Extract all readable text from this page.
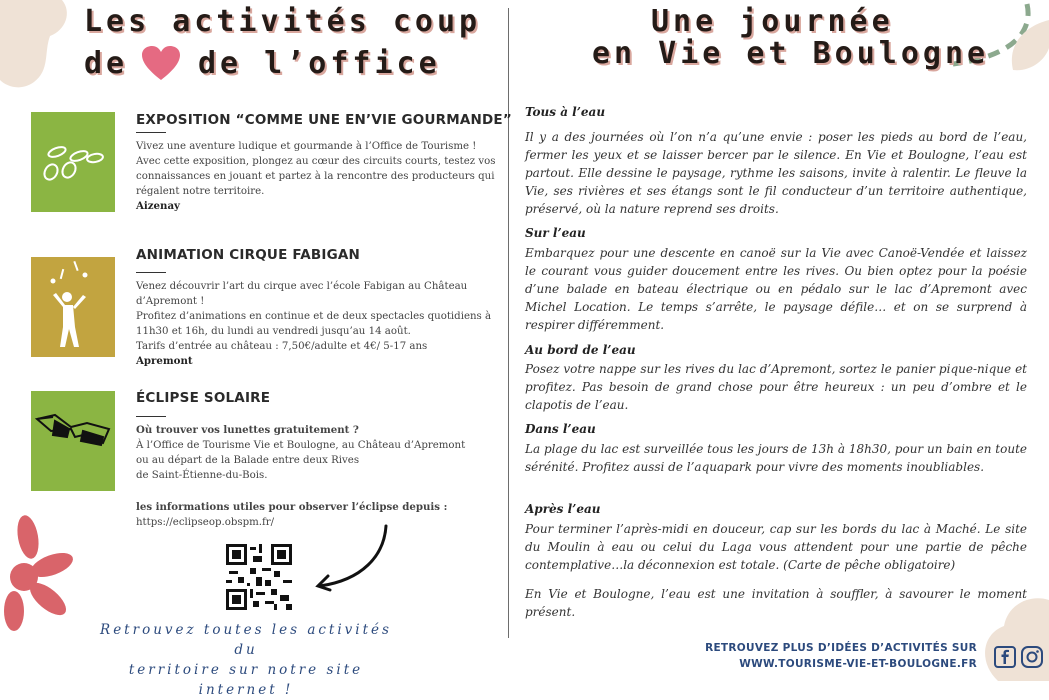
Les activités coup
de de l’office
EXPOSITION “COMME UNE EN’VIE GOURMANDE”
Vivez une aventure ludique et gourmande à l’Office de Tourisme ! Avec cette exposition, plongez au cœur des circuits courts, testez vos connaissances en jouant et partez à la rencontre des producteurs qui régalent notre territoire.
Aizenay
ANIMATION CIRQUE FABIGAN
Venez découvrir l’art du cirque avec l’école Fabigan au Château d’Apremont !
Profitez d’animations en continue et de deux spectacles quotidiens à 11h30 et 16h, du lundi au vendredi jusqu’au 14 août.
Tarifs d’entrée au château : 7,50€/adulte et 4€/ 5-17 ans
Apremont
ÉCLIPSE SOLAIRE
Où trouver vos lunettes gratuitement ?
À l’Office de Tourisme Vie et Boulogne, au Château d’Apremont
ou au départ de la Balade entre deux Rives
de Saint-Étienne-du-Bois.
les informations utiles pour observer l’éclipse depuis :
https://eclipseop.obspm.fr/
Retrouvez toutes les activités du
territoire sur notre site internet !
Une journée
en Vie et Boulogne
Tous à l’eau
Il y a des journées où l’on n’a qu’une envie : poser les pieds au bord de l’eau, fermer les yeux et se laisser bercer par le silence. En Vie et Boulogne, l’eau est partout. Elle dessine le paysage, rythme les saisons, invite à ralentir. Le fleuve la Vie, ses rivières et ses étangs sont le fil conducteur d’un territoire authentique, préservé, où la nature reprend ses droits.
Sur l’eau
Embarquez pour une descente en canoë sur la Vie avec Canoë-Vendée et laissez le courant vous guider doucement entre les rives. Ou bien optez pour la poésie d’une balade en bateau électrique ou en pédalo sur le lac d’Apremont avec Michel Location. Le temps s’arrête, le paysage défile… et on se surprend à respirer différemment.
Au bord de l’eau
Posez votre nappe sur les rives du lac d’Apremont, sortez le panier pique-nique et profitez. Pas besoin de grand chose pour être heureux : un peu d’ombre et le clapotis de l’eau.
Dans l’eau
La plage du lac est surveillée tous les jours de 13h à 18h30, pour un bain en toute sérénité. Profitez aussi de l’aquapark pour vivre des moments inoubliables.
Après l’eau
Pour terminer l’après-midi en douceur, cap sur les bords du lac à Maché. Le site du Moulin à eau ou celui du Laga vous attendent pour une partie de pêche contemplative…la déconnexion est totale. (Carte de pêche obligatoire)
En Vie et Boulogne, l’eau est une invitation à souffler, à savourer le moment présent.
RETROUVEZ PLUS D’IDÉES D’ACTIVITÉS SUR
WWW.TOURISME-VIE-ET-BOULOGNE.FR
